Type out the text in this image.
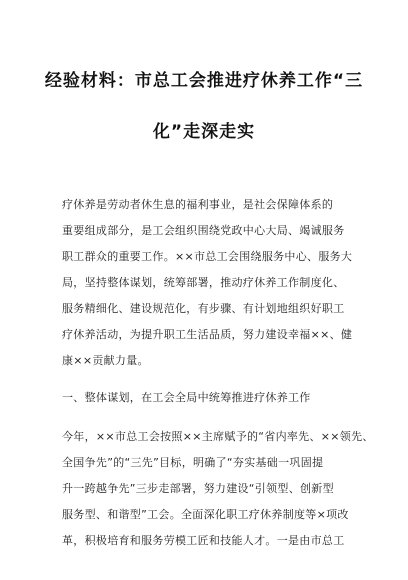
经验材料：市总工会推进疗休养工作“三
化”走深走实
疗休养是劳动者休生息的福利事业，是社会保障体系的
重要组成部分，是工会组织围绕党政中心大局、竭诚服务
职工群众的重要工作。××市总工会围绕服务中心、服务大
局，坚持整体谋划，统筹部署，推动疗休养工作制度化、
服务精细化、建设规范化，有步骤、有计划地组织好职工
疗休养活动，为提升职工生活品质，努力建设幸福××、健
康××贡献力量。
一、整体谋划，在工会全局中统筹推进疗休养工作
今年，××市总工会按照××主席赋予的“省内率先、××领先、
全国争先”的“三先”目标，明确了“夯实基础一巩固提
升一跨越争先”三步走部署，努力建设“引领型、创新型
服务型、和谐型”工会。全面深化职工疗休养制度等×项改
革，积极培育和服务劳模工匠和技能人才。一是由市总工
